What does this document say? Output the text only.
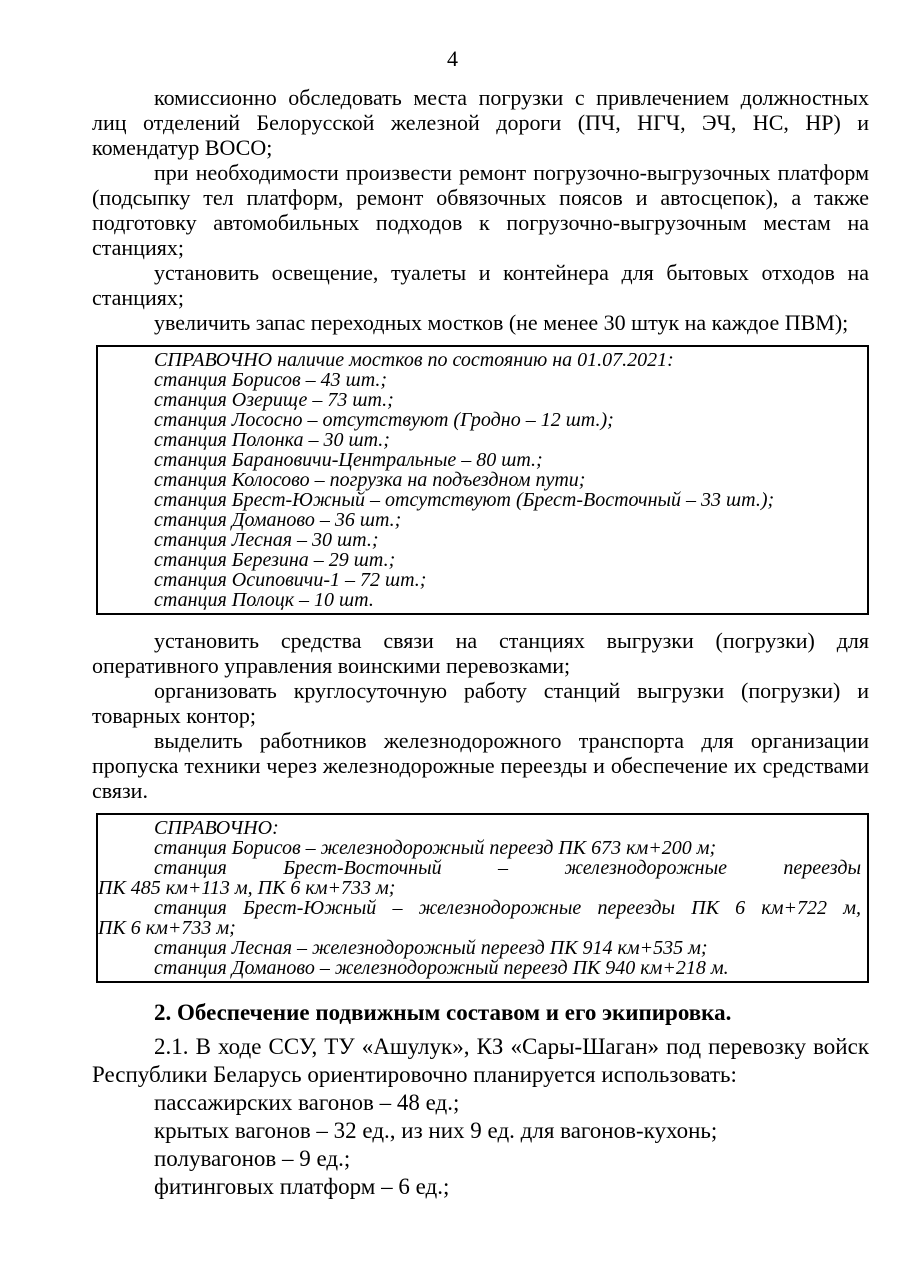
4

комиссионно обследовать места погрузки с привлечением должностных лиц отделений Белорусской железной дороги (ПЧ, НГЧ, ЭЧ, НС, НР) и комендатур ВОСО;

при необходимости произвести ремонт погрузочно-выгрузочных платформ (подсыпку тел платформ, ремонт обвязочных поясов и автосцепок), а также подготовку автомобильных подходов к погрузочно-выгрузочным местам на станциях;

установить освещение, туалеты и контейнера для бытовых отходов на станциях;

увеличить запас переходных мостков (не менее 30 штук на каждое ПВМ);

СПРАВОЧНО наличие мостков по состоянию на 01.07.2021:

станция Борисов – 43 шт.;

станция Озерище – 73 шт.;

станция Лососно – отсутствуют (Гродно – 12 шт.);

станция Полонка – 30 шт.;

станция Барановичи-Центральные – 80 шт.;

станция Колосово – погрузка на подъездном пути;

станция Брест-Южный – отсутствуют (Брест-Восточный – 33 шт.);

станция Доманово – 36 шт.;

станция Лесная – 30 шт.;

станция Березина – 29 шт.;

станция Осиповичи-1 – 72 шт.;

станция Полоцк – 10 шт.

установить средства связи на станциях выгрузки (погрузки) для оперативного управления воинскими перевозками;

организовать круглосуточную работу станций выгрузки (погрузки) и товарных контор;

выделить работников железнодорожного транспорта для организации пропуска техники через железнодорожные переезды и обеспечение их средствами связи.

СПРАВОЧНО:

станция Борисов – железнодорожный переезд ПК 673 км+200 м;

станция Брест-Восточный – железнодорожные переезды

ПК 485 км+113 м, ПК 6 км+733 м;

станция Брест-Южный – железнодорожные переезды ПК 6 км+722 м,

ПК 6 км+733 м;

станция Лесная – железнодорожный переезд ПК 914 км+535 м;

станция Доманово – железнодорожный переезд ПК 940 км+218 м.

2. Обеспечение подвижным составом и его экипировка.

2.1. В ходе ССУ, ТУ «Ашулук», КЗ «Сары-Шаган» под перевозку войск Республики Беларусь ориентировочно планируется использовать:

пассажирских вагонов – 48 ед.;

крытых вагонов – 32 ед., из них 9 ед. для вагонов-кухонь;

полувагонов – 9 ед.;

фитинговых платформ – 6 ед.;
